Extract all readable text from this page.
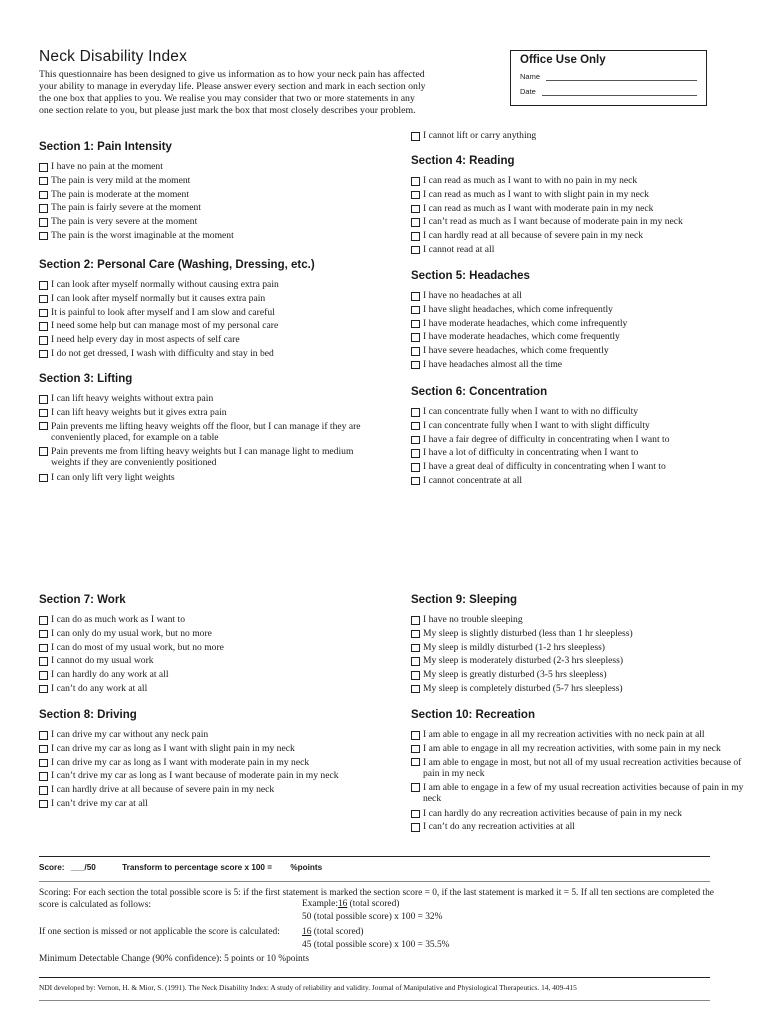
Neck Disability Index
This questionnaire has been designed to give us information as to how your neck pain has affected your ability to manage in everyday life. Please answer every section and mark in each section only the one box that applies to you. We realise you may consider that two or more statements in any one section relate to you, but please just mark the box that most closely describes your problem.
Office Use Only
Name
Date
Section 1: Pain Intensity
I have no pain at the moment
The pain is very mild at the moment
The pain is moderate at the moment
The pain is fairly severe at the moment
The pain is very severe at the moment
The pain is the worst imaginable at the moment
Section 2: Personal Care (Washing, Dressing, etc.)
I can look after myself normally without causing extra pain
I can look after myself normally but it causes extra pain
It is painful to look after myself and I am slow and careful
I need some help but can manage most of my personal care
I need help every day in most aspects of self care
I do not get dressed, I wash with difficulty and stay in bed
Section 3: Lifting
I can lift heavy weights without extra pain
I can lift heavy weights but it gives extra pain
Pain prevents me lifting heavy weights off the floor, but I can manage if they are conveniently placed, for example on a table
Pain prevents me from lifting heavy weights but I can manage light to medium weights if they are conveniently positioned
I can only lift very light weights
I cannot lift or carry anything
Section 4: Reading
I can read as much as I want to with no pain in my neck
I can read as much as I want to with slight pain in my neck
I can read as much as I want with moderate pain in my neck
I can’t read as much as I want because of moderate pain in my neck
I can hardly read at all because of severe pain in my neck
I cannot read at all
Section 5: Headaches
I have no headaches at all
I have slight headaches, which come infrequently
I have moderate headaches, which come infrequently
I have moderate headaches, which come frequently
I have severe headaches, which come frequently
I have headaches almost all the time
Section 6: Concentration
I can concentrate fully when I want to with no difficulty
I can concentrate fully when I want to with slight difficulty
I have a fair degree of difficulty in concentrating when I want to
I have a lot of difficulty in concentrating when I want to
I have a great deal of difficulty in concentrating when I want to
I cannot concentrate at all
Section 7: Work
I can do as much work as I want to
I can only do my usual work, but no more
I can do most of my usual work, but no more
I cannot do my usual work
I can hardly do any work at all
I can’t do any work at all
Section 8: Driving
I can drive my car without any neck pain
I can drive my car as long as I want with slight pain in my neck
I can drive my car as long as I want with moderate pain in my neck
I can’t drive my car as long as I want because of moderate pain in my neck
I can hardly drive at all because of severe pain in my neck
I can’t drive my car at all
Section 9: Sleeping
I have no trouble sleeping
My sleep is slightly disturbed (less than 1 hr sleepless)
My sleep is mildly disturbed (1-2 hrs sleepless)
My sleep is moderately disturbed (2-3 hrs sleepless)
My sleep is greatly disturbed (3-5 hrs sleepless)
My sleep is completely disturbed (5-7 hrs sleepless)
Section 10: Recreation
I am able to engage in all my recreation activities with no neck pain at all
I am able to engage in all my recreation activities, with some pain in my neck
I am able to engage in most, but not all of my usual recreation activities because of pain in my neck
I am able to engage in a few of my usual recreation activities because of pain in my neck
I can hardly do any recreation activities because of pain in my neck
I can’t do any recreation activities at all
Score: ___/50	Transform to percentage score x 100 = %points
Scoring: For each section the total possible score is 5: if the first statement is marked the section score = 0, if the last statement is marked it = 5. If all ten sections are completed the score is calculated as follows:	Example:16 (total scored)
50 (total possible score) x 100 = 32%
If one section is missed or not applicable the score is calculated: 16 (total scored)
45 (total possible score) x 100 = 35.5%
Minimum Detectable Change (90% confidence): 5 points or 10 %points
NDI developed by: Vernon, H. & Mior, S. (1991). The Neck Disability Index: A study of reliability and validity. Journal of Manipulative and Physiological Therapeutics. 14, 409-415
